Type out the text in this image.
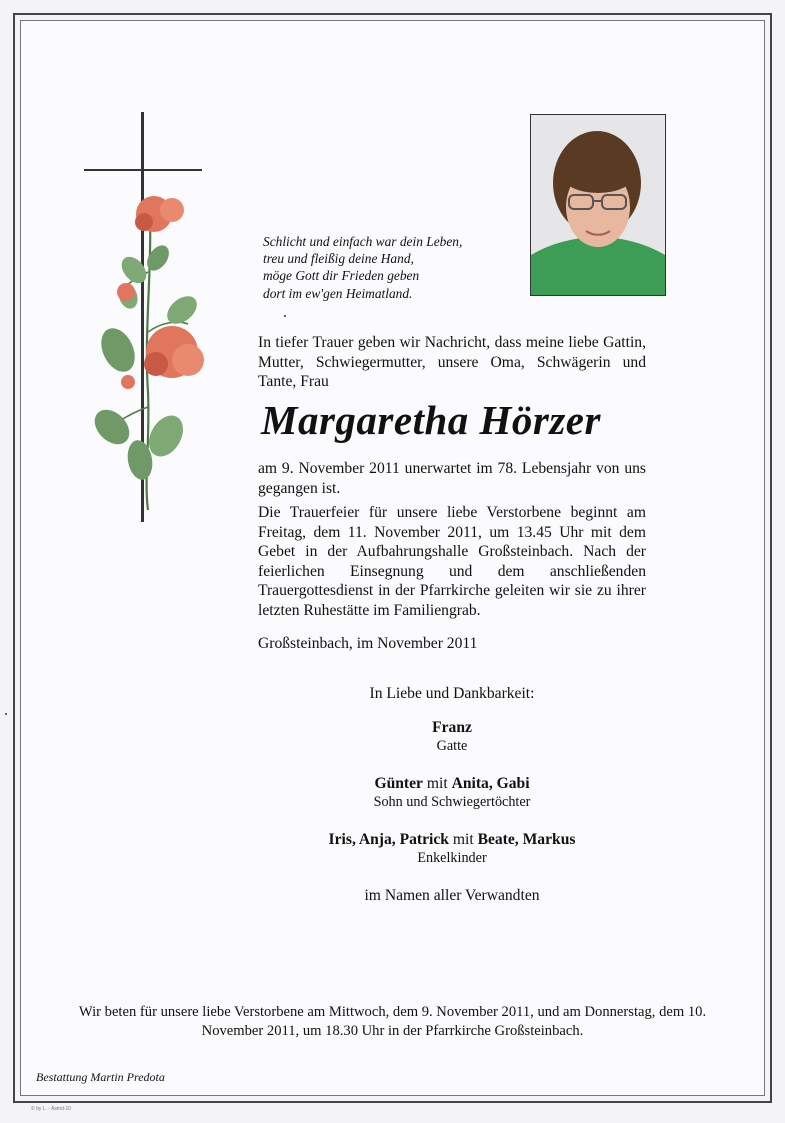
Schlicht und einfach war dein Leben,
treu und fleißig deine Hand,
möge Gott dir Frieden geben
dort im ew'gen Heimatland.
In tiefer Trauer geben wir Nachricht, dass meine liebe Gattin, Mutter, Schwiegermutter, unsere Oma, Schwägerin und Tante, Frau
Margaretha Hörzer
am 9. November 2011 unerwartet im 78. Lebensjahr von uns gegangen ist.
Die Trauerfeier für unsere liebe Verstorbene beginnt am Freitag, dem 11. November 2011, um 13.45 Uhr mit dem Gebet in der Aufbahrungshalle Großsteinbach. Nach der feierlichen Einsegnung und dem anschließenden Trauergottesdienst in der Pfarrkirche geleiten wir sie zu ihrer letzten Ruhestätte im Familiengrab.
Großsteinbach, im November 2011
In Liebe und Dankbarkeit:
Franz
Gatte
Günter mit Anita, Gabi
Sohn und Schwiegertöchter
Iris, Anja, Patrick mit Beate, Markus
Enkelkinder
im Namen aller Verwandten
Wir beten für unsere liebe Verstorbene am Mittwoch, dem 9. November 2011, und am Donnerstag, dem 10. November 2011, um 18.30 Uhr in der Pfarrkirche Großsteinbach.
Bestattung Martin Predota
© by L. - Astrid-10
